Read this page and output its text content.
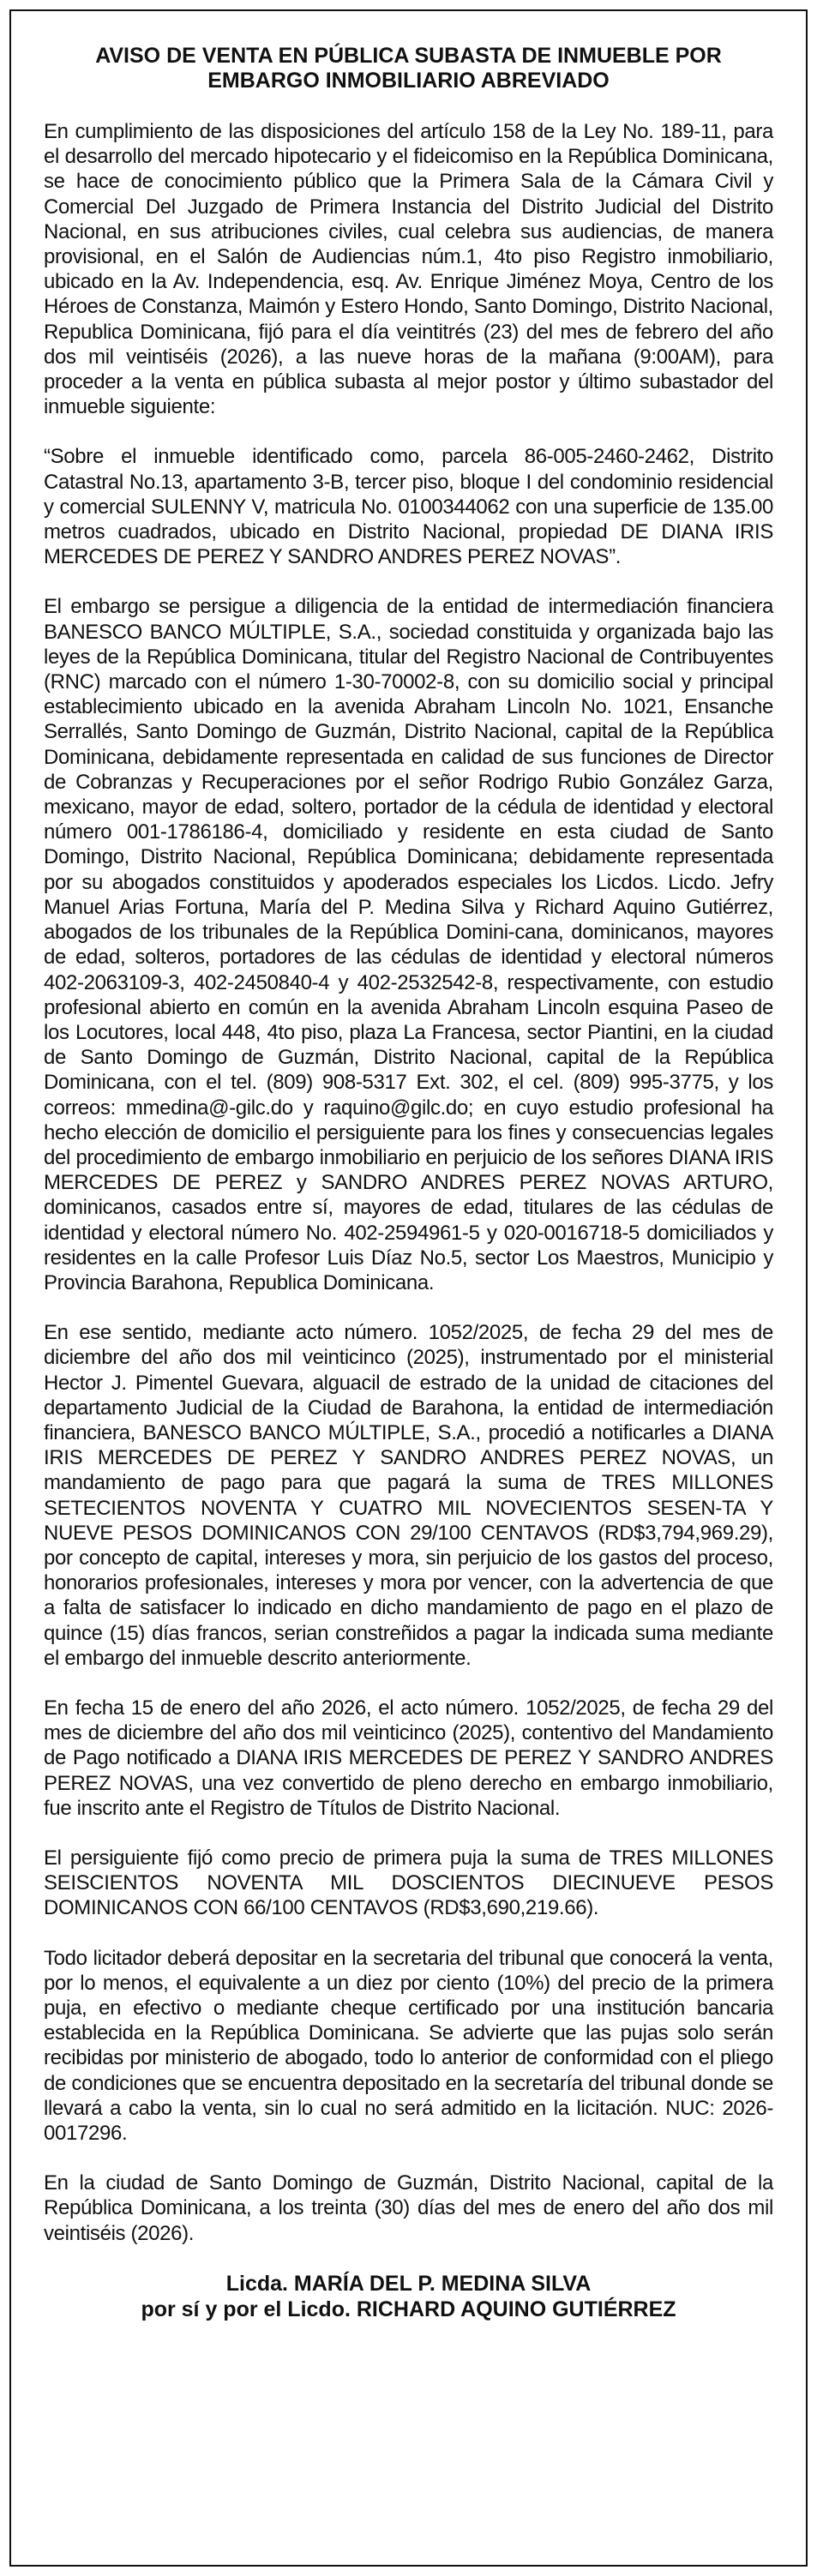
AVISO DE VENTA EN PÚBLICA SUBASTA DE INMUEBLE POR
EMBARGO INMOBILIARIO ABREVIADO

En cumplimiento de las disposiciones del artículo 158 de la Ley No. 189-11, para el desarrollo del mercado hipotecario y el fideicomiso en la República Dominicana, se hace de conocimiento público que la Primera Sala de la Cámara Civil y Comercial Del Juzgado de Primera Instancia del Distrito Judicial del Distrito Nacional, en sus atribuciones civiles, cual celebra sus audiencias, de manera provisional, en el Salón de Audiencias núm.1, 4to piso Registro inmobiliario, ubicado en la Av. Independencia, esq. Av. Enrique Jiménez Moya, Centro de los Héroes de Constanza, Maimón y Estero Hondo, Santo Domingo, Distrito Nacional, Republica Dominicana, fijó para el día veintitrés (23) del mes de febrero del año dos mil veintiséis (2026), a las nueve horas de la mañana (9:00AM), para proceder a la venta en pública subasta al mejor postor y último subastador del inmueble siguiente:

“Sobre el inmueble identificado como, parcela 86-005-2460-2462, Distrito Catastral No.13, apartamento 3-B, tercer piso, bloque I del condominio residencial y comercial SULENNY V, matricula No. 0100344062 con una superficie de 135.00 metros cuadrados, ubicado en Distrito Nacional, propiedad DE DIANA IRIS MERCEDES DE PEREZ Y SANDRO ANDRES PEREZ NOVAS”.

El embargo se persigue a diligencia de la entidad de intermediación financiera BANESCO BANCO MÚLTIPLE, S.A., sociedad constituida y organizada bajo las leyes de la República Dominicana, titular del Registro Nacional de Contribuyentes (RNC) marcado con el número 1-30-70002-8, con su domicilio social y principal establecimiento ubicado en la avenida Abraham Lincoln No. 1021, Ensanche Serrallés, Santo Domingo de Guzmán, Distrito Nacional, capital de la República Dominicana, debidamente representada en calidad de sus funciones de Director de Cobranzas y Recuperaciones por el señor Rodrigo Rubio González Garza, mexicano, mayor de edad, soltero, portador de la cédula de identidad y electoral número 001-1786186-4, domiciliado y residente en esta ciudad de Santo Domingo, Distrito Nacional, República Dominicana; debidamente representada por su abogados constituidos y apoderados especiales los Licdos. Licdo. Jefry Manuel Arias Fortuna, María del P. Medina Silva y Richard Aquino Gutiérrez, abogados de los tribunales de la República Domini-cana, dominicanos, mayores de edad, solteros, portadores de las cédulas de identidad y electoral números 402-2063109-3, 402-2450840-4 y 402-2532542-8, respectivamente, con estudio profesional abierto en común en la avenida Abraham Lincoln esquina Paseo de los Locutores, local 448, 4to piso, plaza La Francesa, sector Piantini, en la ciudad de Santo Domingo de Guzmán, Distrito Nacional, capital de la República Dominicana, con el tel. (809) 908-5317 Ext. 302, el cel. (809) 995-3775, y los correos: mmedina@-gilc.do y raquino@gilc.do; en cuyo estudio profesional ha hecho elección de domicilio el persiguiente para los fines y consecuencias legales del procedimiento de embargo inmobiliario en perjuicio de los señores DIANA IRIS MERCEDES DE PEREZ y SANDRO ANDRES PEREZ NOVAS ARTURO, dominicanos, casados entre sí, mayores de edad, titulares de las cédulas de identidad y electoral número No. 402-2594961-5 y 020-0016718-5 domiciliados y residentes en la calle Profesor Luis Díaz No.5, sector Los Maestros, Municipio y Provincia Barahona, Republica Dominicana.

En ese sentido, mediante acto número. 1052/2025, de fecha 29 del mes de diciembre del año dos mil veinticinco (2025), instrumentado por el ministerial Hector J. Pimentel Guevara, alguacil de estrado de la unidad de citaciones del departamento Judicial de la Ciudad de Barahona, la entidad de intermediación financiera, BANESCO BANCO MÚLTIPLE, S.A., procedió a notificarles a DIANA IRIS MERCEDES DE PEREZ Y SANDRO ANDRES PEREZ NOVAS, un mandamiento de pago para que pagará la suma de TRES MILLONES SETECIENTOS NOVENTA Y CUATRO MIL NOVECIENTOS SESEN-TA Y NUEVE PESOS DOMINICANOS CON 29/100 CENTAVOS (RD$3,794,969.29), por concepto de capital, intereses y mora, sin perjuicio de los gastos del proceso, honorarios profesionales, intereses y mora por vencer, con la advertencia de que a falta de satisfacer lo indicado en dicho mandamiento de pago en el plazo de quince (15) días francos, serian constreñidos a pagar la indicada suma mediante el embargo del inmueble descrito anteriormente.

En fecha 15 de enero del año 2026, el acto número. 1052/2025, de fecha 29 del mes de diciembre del año dos mil veinticinco (2025), contentivo del Mandamiento de Pago notificado a DIANA IRIS MERCEDES DE PEREZ Y SANDRO ANDRES PEREZ NOVAS, una vez convertido de pleno derecho en embargo inmobiliario, fue inscrito ante el Registro de Títulos de Distrito Nacional.

El persiguiente fijó como precio de primera puja la suma de TRES MILLONES SEISCIENTOS NOVENTA MIL DOSCIENTOS DIECINUEVE PESOS DOMINICANOS CON 66/100 CENTAVOS (RD$3,690,219.66).

Todo licitador deberá depositar en la secretaria del tribunal que conocerá la venta, por lo menos, el equivalente a un diez por ciento (10%) del precio de la primera puja, en efectivo o mediante cheque certificado por una institución bancaria establecida en la República Dominicana. Se advierte que las pujas solo serán recibidas por ministerio de abogado, todo lo anterior de conformidad con el pliego de condiciones que se encuentra depositado en la secretaría del tribunal donde se llevará a cabo la venta, sin lo cual no será admitido en la licitación. NUC: 2026-0017296.

En la ciudad de Santo Domingo de Guzmán, Distrito Nacional, capital de la República Dominicana, a los treinta (30) días del mes de enero del año dos mil veintiséis (2026).

Licda. MARÍA DEL P. MEDINA SILVA
por sí y por el Licdo. RICHARD AQUINO GUTIÉRREZ
